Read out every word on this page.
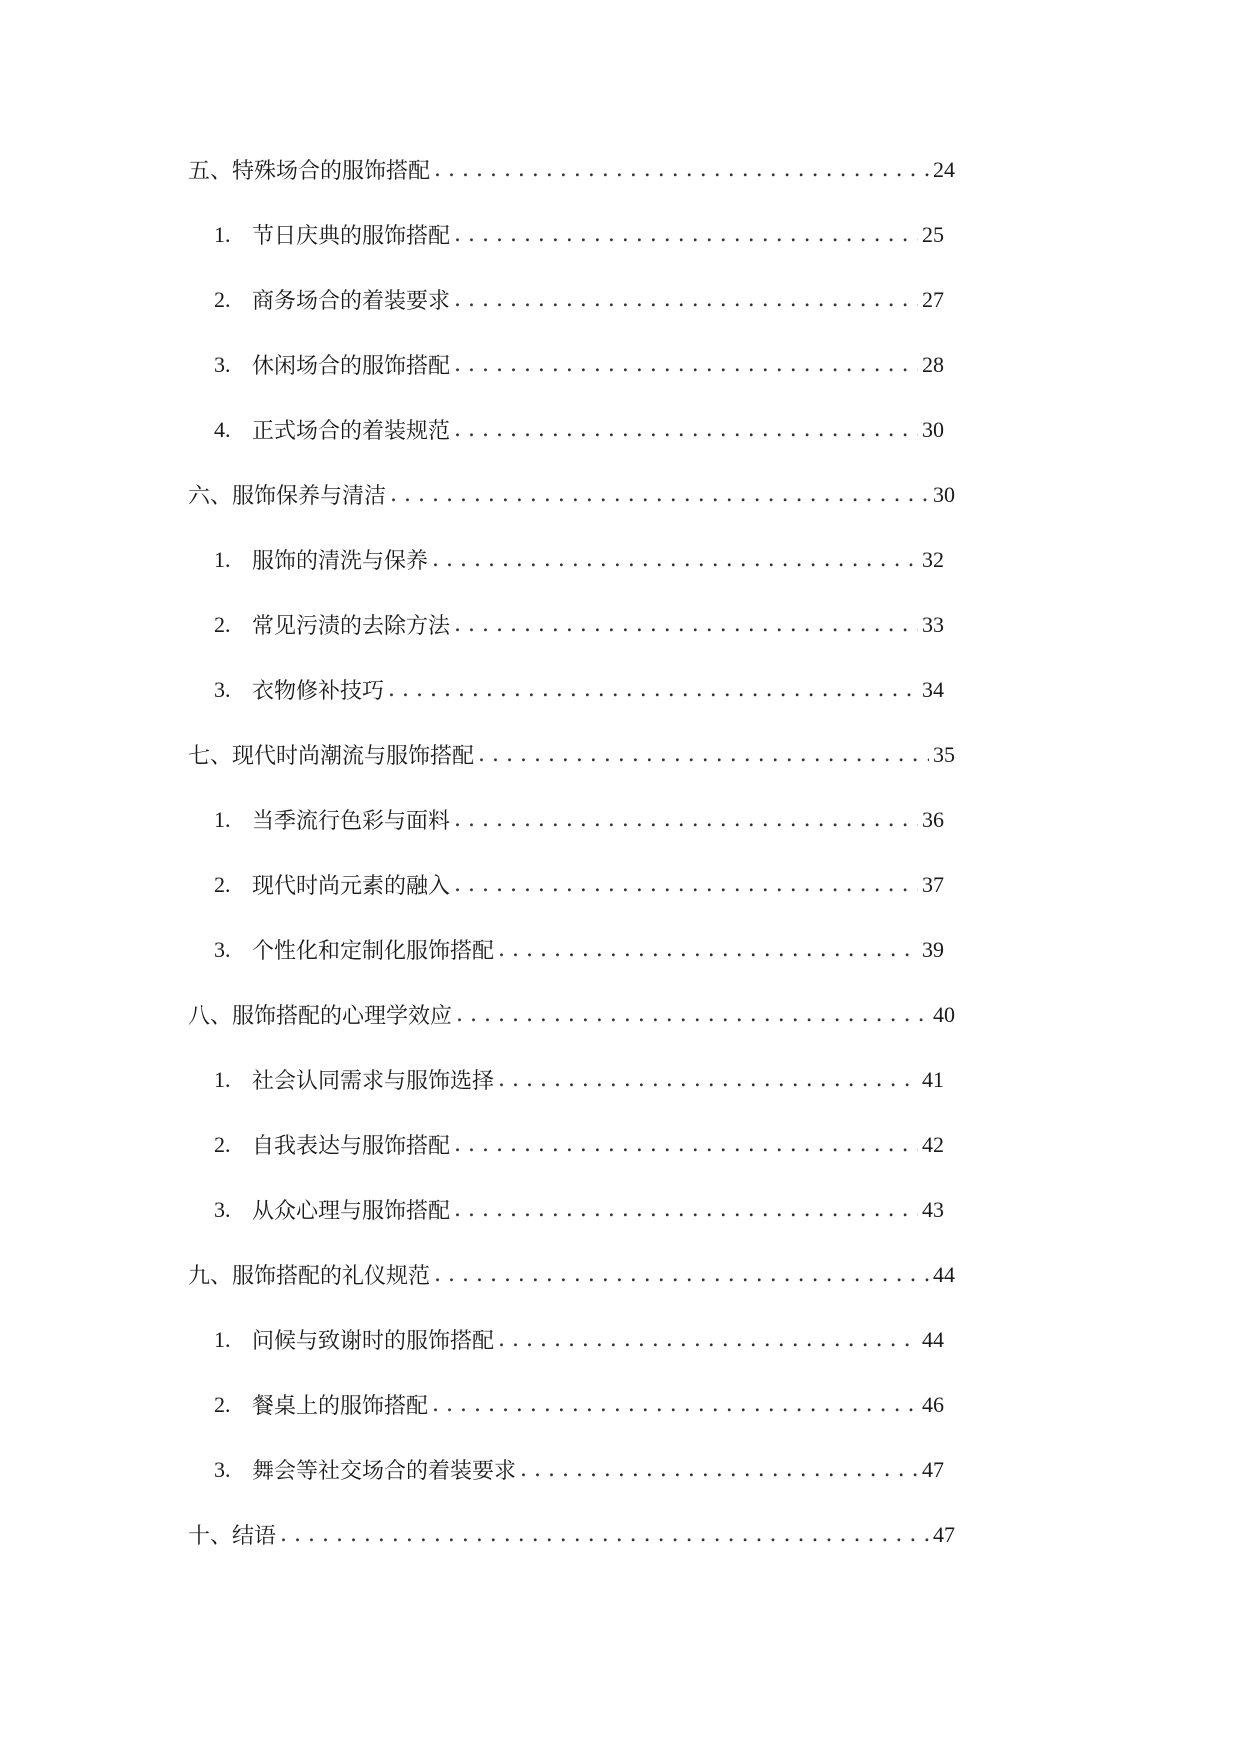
五、特殊场合的服饰搭配 . . .	24
1. 节日庆典的服饰搭配 . . .	25
2. 商务场合的着装要求 . . .	27
3. 休闲场合的服饰搭配 . . .	28
4. 正式场合的着装规范 . . .	30
六、服饰保养与清洁 . . .	30
1. 服饰的清洗与保养 . . .	32
2. 常见污渍的去除方法 . . .	33
3. 衣物修补技巧 . . .	34
七、现代时尚潮流与服饰搭配 . . .	35
1. 当季流行色彩与面料 . . .	36
2. 现代时尚元素的融入 . . .	37
3. 个性化和定制化服饰搭配 . . .	39
八、服饰搭配的心理学效应 . . .	40
1. 社会认同需求与服饰选择 . . .	41
2. 自我表达与服饰搭配 . . .	42
3. 从众心理与服饰搭配 . . .	43
九、服饰搭配的礼仪规范 . . .	44
1. 问候与致谢时的服饰搭配 . . .	44
2. 餐桌上的服饰搭配 . . .	46
3. 舞会等社交场合的着装要求 . . .	47
十、结语 . . .	47
